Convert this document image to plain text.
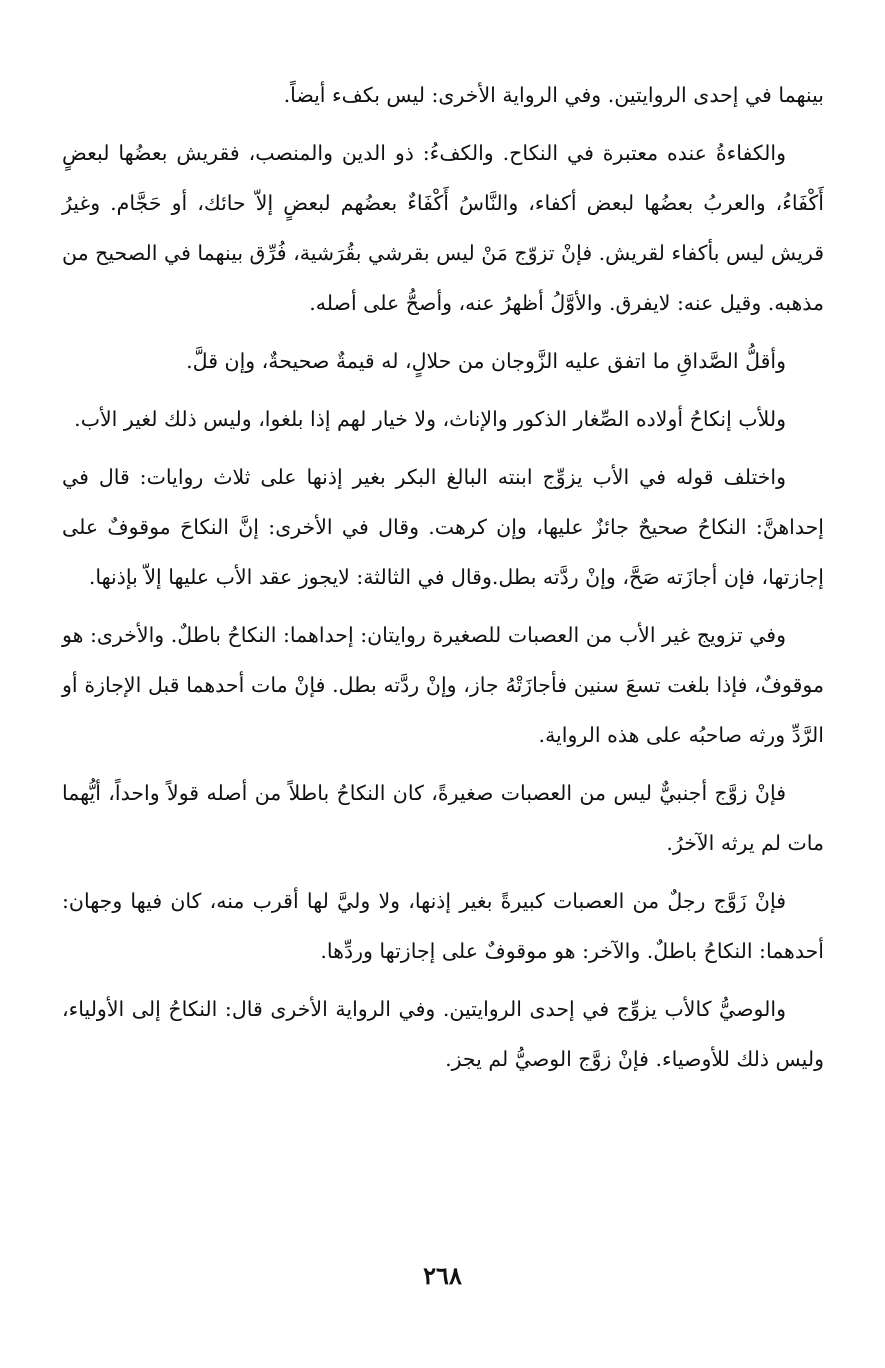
بينهما في إحدى الروايتين. وفي الرواية الأخرى: ليس بكفء أيضاً.

والكفاءةُ عنده معتبرة في النكاح. والكفءُ: ذو الدين والمنصب، فقريش بعضُها لبعضٍ أَكْفَاءُ، والعربُ بعضُها لبعض أكفاء، والنَّاسُ أَكْفَاءٌ بعضُهم لبعضٍ إلاّ حائك، أو حَجَّام. وغيرُ قريش ليس بأكفاء لقريش. فإنْ تزوّج مَنْ ليس بقرشي بقُرَشية، فُرِّق بينهما في الصحيح من مذهبه. وقيل عنه: لايفرق. والأوَّلُ أظهرُ عنه، وأصحُّ على أصله.

وأقلُّ الصَّداقِ ما اتفق عليه الزَّوجان من حلالٍ، له قيمةٌ صحيحةٌ، وإن قلَّ.

وللأب إنكاحُ أولاده الصِّغار الذكور والإناث، ولا خيار لهم إذا بلغوا، وليس ذلك لغير الأب.

واختلف قوله في الأب يزوِّج ابنته البالغ البكر بغير إذنها على ثلاث روايات: قال في إحداهنَّ: النكاحُ صحيحٌ جائزٌ عليها، وإن كرهت. وقال في الأخرى: إنَّ النكاحَ موقوفٌ على إجازتها، فإن أجازَته صَحَّ، وإنْ ردَّته بطل.وقال في الثالثة: لايجوز عقد الأب عليها إلاّ بإذنها.

وفي تزويج غير الأب من العصبات للصغيرة روايتان: إحداهما: النكاحُ باطلٌ. والأخرى: هو موقوفٌ، فإذا بلغت تسعَ سنين فأجازَتْهُ جاز، وإنْ ردَّته بطل. فإنْ مات أحدهما قبل الإجازة أو الرَّدِّ ورثه صاحبُه على هذه الرواية.

فإنْ زوَّج أجنبيٌّ ليس من العصبات صغيرةً، كان النكاحُ باطلاً من أصله قولاً واحداً، أيُّهما مات لم يرثه الآخرُ.

فإنْ زَوَّج رجلٌ من العصبات كبيرةً بغير إذنها، ولا وليَّ لها أقرب منه، كان فيها وجهان: أحدهما: النكاحُ باطلٌ. والآخر: هو موقوفٌ على إجازتها وردِّها.

والوصيُّ كالأب يزوِّج في إحدى الروايتين. وفي الرواية الأخرى قال: النكاحُ إلى الأولياء، وليس ذلك للأوصياء. فإنْ زوَّج الوصيُّ لم يجز.

٢٦٨
